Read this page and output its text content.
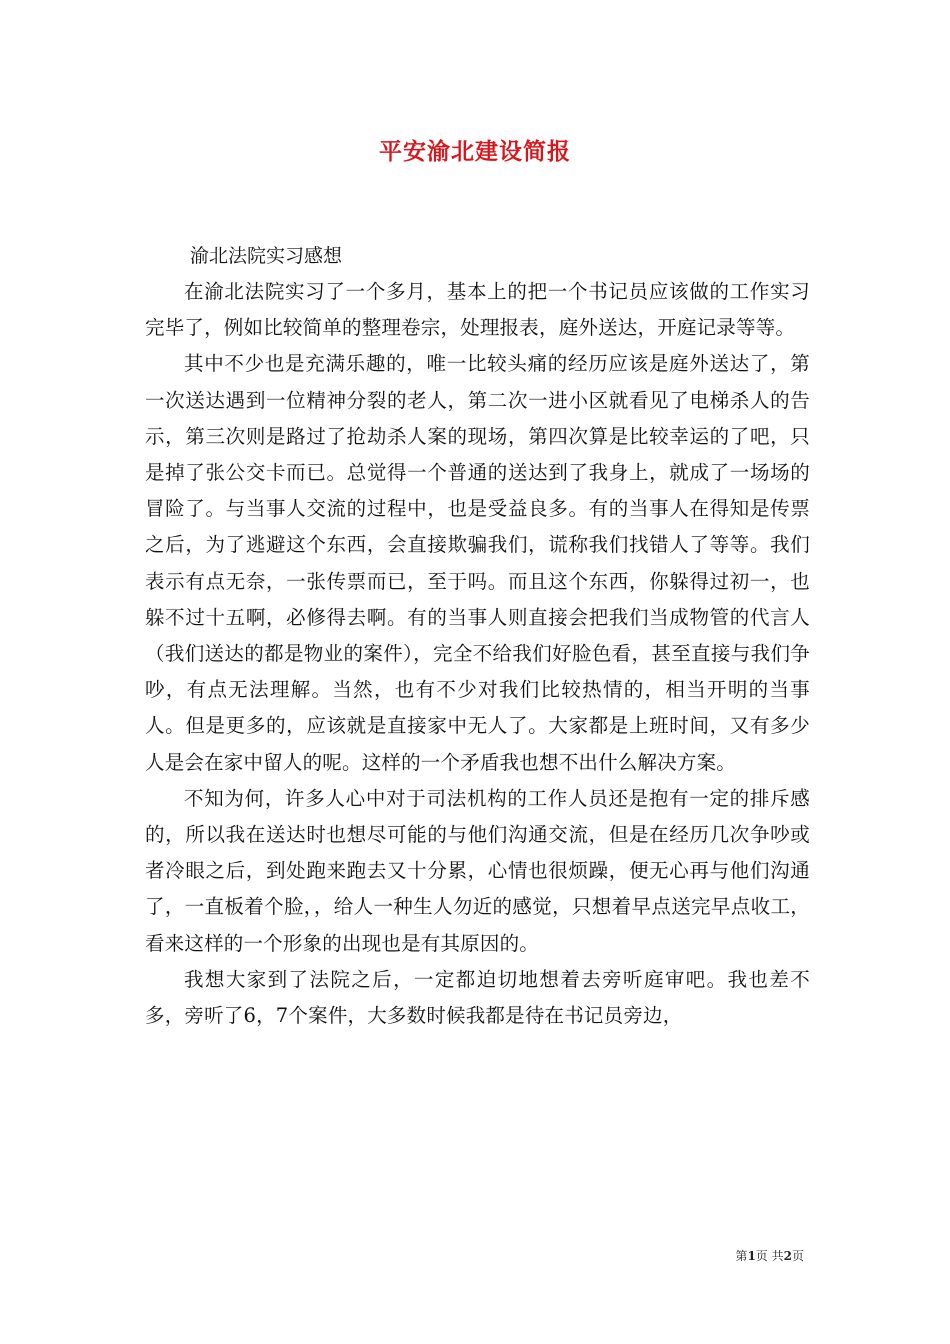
平安渝北建设简报

渝北法院实习感想

在渝北法院实习了一个多月，基本上的把一个书记员应该做的工作实习完毕了，例如比较简单的整理卷宗，处理报表，庭外送达，开庭记录等等。

其中不少也是充满乐趣的，唯一比较头痛的经历应该是庭外送达了，第一次送达遇到一位精神分裂的老人，第二次一进小区就看见了电梯杀人的告示，第三次则是路过了抢劫杀人案的现场，第四次算是比较幸运的了吧，只是掉了张公交卡而已。总觉得一个普通的送达到了我身上，就成了一场场的冒险了。与当事人交流的过程中，也是受益良多。有的当事人在得知是传票之后，为了逃避这个东西，会直接欺骗我们，谎称我们找错人了等等。我们表示有点无奈，一张传票而已，至于吗。而且这个东西，你躲得过初一，也躲不过十五啊，必修得去啊。有的当事人则直接会把我们当成物管的代言人（我们送达的都是物业的案件），完全不给我们好脸色看，甚至直接与我们争吵，有点无法理解。当然，也有不少对我们比较热情的，相当开明的当事人。但是更多的，应该就是直接家中无人了。大家都是上班时间，又有多少人是会在家中留人的呢。这样的一个矛盾我也想不出什么解决方案。

不知为何，许多人心中对于司法机构的工作人员还是抱有一定的排斥感的，所以我在送达时也想尽可能的与他们沟通交流，但是在经历几次争吵或者冷眼之后，到处跑来跑去又十分累，心情也很烦躁，便无心再与他们沟通了，一直板着个脸，，给人一种生人勿近的感觉，只想着早点送完早点收工，看来这样的一个形象的出现也是有其原因的。

我想大家到了法院之后，一定都迫切地想着去旁听庭审吧。我也差不多，旁听了6，7个案件，大多数时候我都是待在书记员旁边，

第1页 共2页
